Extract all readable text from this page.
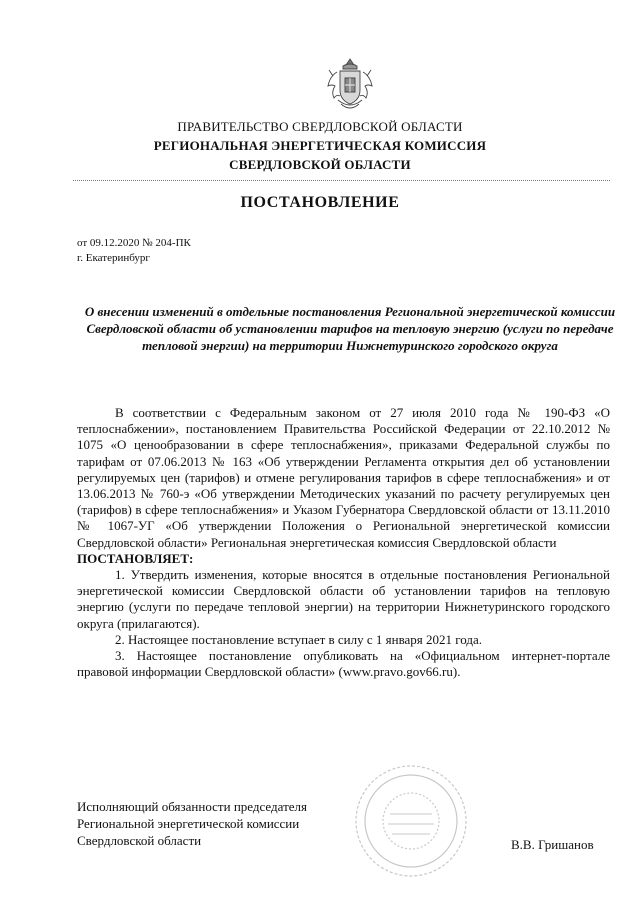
ПРАВИТЕЛЬСТВО СВЕРДЛОВСКОЙ ОБЛАСТИ
РЕГИОНАЛЬНАЯ ЭНЕРГЕТИЧЕСКАЯ КОМИССИЯ
СВЕРДЛОВСКОЙ ОБЛАСТИ
ПОСТАНОВЛЕНИЕ
от 09.12.2020 № 204-ПК
г. Екатеринбург
О внесении изменений в отдельные постановления Региональной энергетической комиссии Свердловской области об установлении тарифов на тепловую энергию (услуги по передаче тепловой энергии) на территории Нижнетуринского городского округа

В соответствии с Федеральным законом от 27 июля 2010 года № 190-ФЗ «О теплоснабжении», постановлением Правительства Российской Федерации от 22.10.2012 № 1075 «О ценообразовании в сфере теплоснабжения», приказами Федеральной службы по тарифам от 07.06.2013 № 163 «Об утверждении Регламента открытия дел об установлении регулируемых цен (тарифов) и отмене регулирования тарифов в сфере теплоснабжения» и от 13.06.2013 № 760-э «Об утверждении Методических указаний по расчету регулируемых цен (тарифов) в сфере теплоснабжения» и Указом Губернатора Свердловской области от 13.11.2010 № 1067-УГ «Об утверждении Положения о Региональной энергетической комиссии Свердловской области» Региональная энергетическая комиссия Свердловской области

ПОСТАНОВЛЯЕТ:

1. Утвердить изменения, которые вносятся в отдельные постановления Региональной энергетической комиссии Свердловской области об установлении тарифов на тепловую энергию (услуги по передаче тепловой энергии) на территории Нижнетуринского городского округа (прилагаются).

2. Настоящее постановление вступает в силу с 1 января 2021 года.

3. Настоящее постановление опубликовать на «Официальном интернет-портале правовой информации Свердловской области» (www.pravo.gov66.ru).

Исполняющий обязанности председателя
Региональной энергетической комиссии
Свердловской области	В.В. Гришанов
